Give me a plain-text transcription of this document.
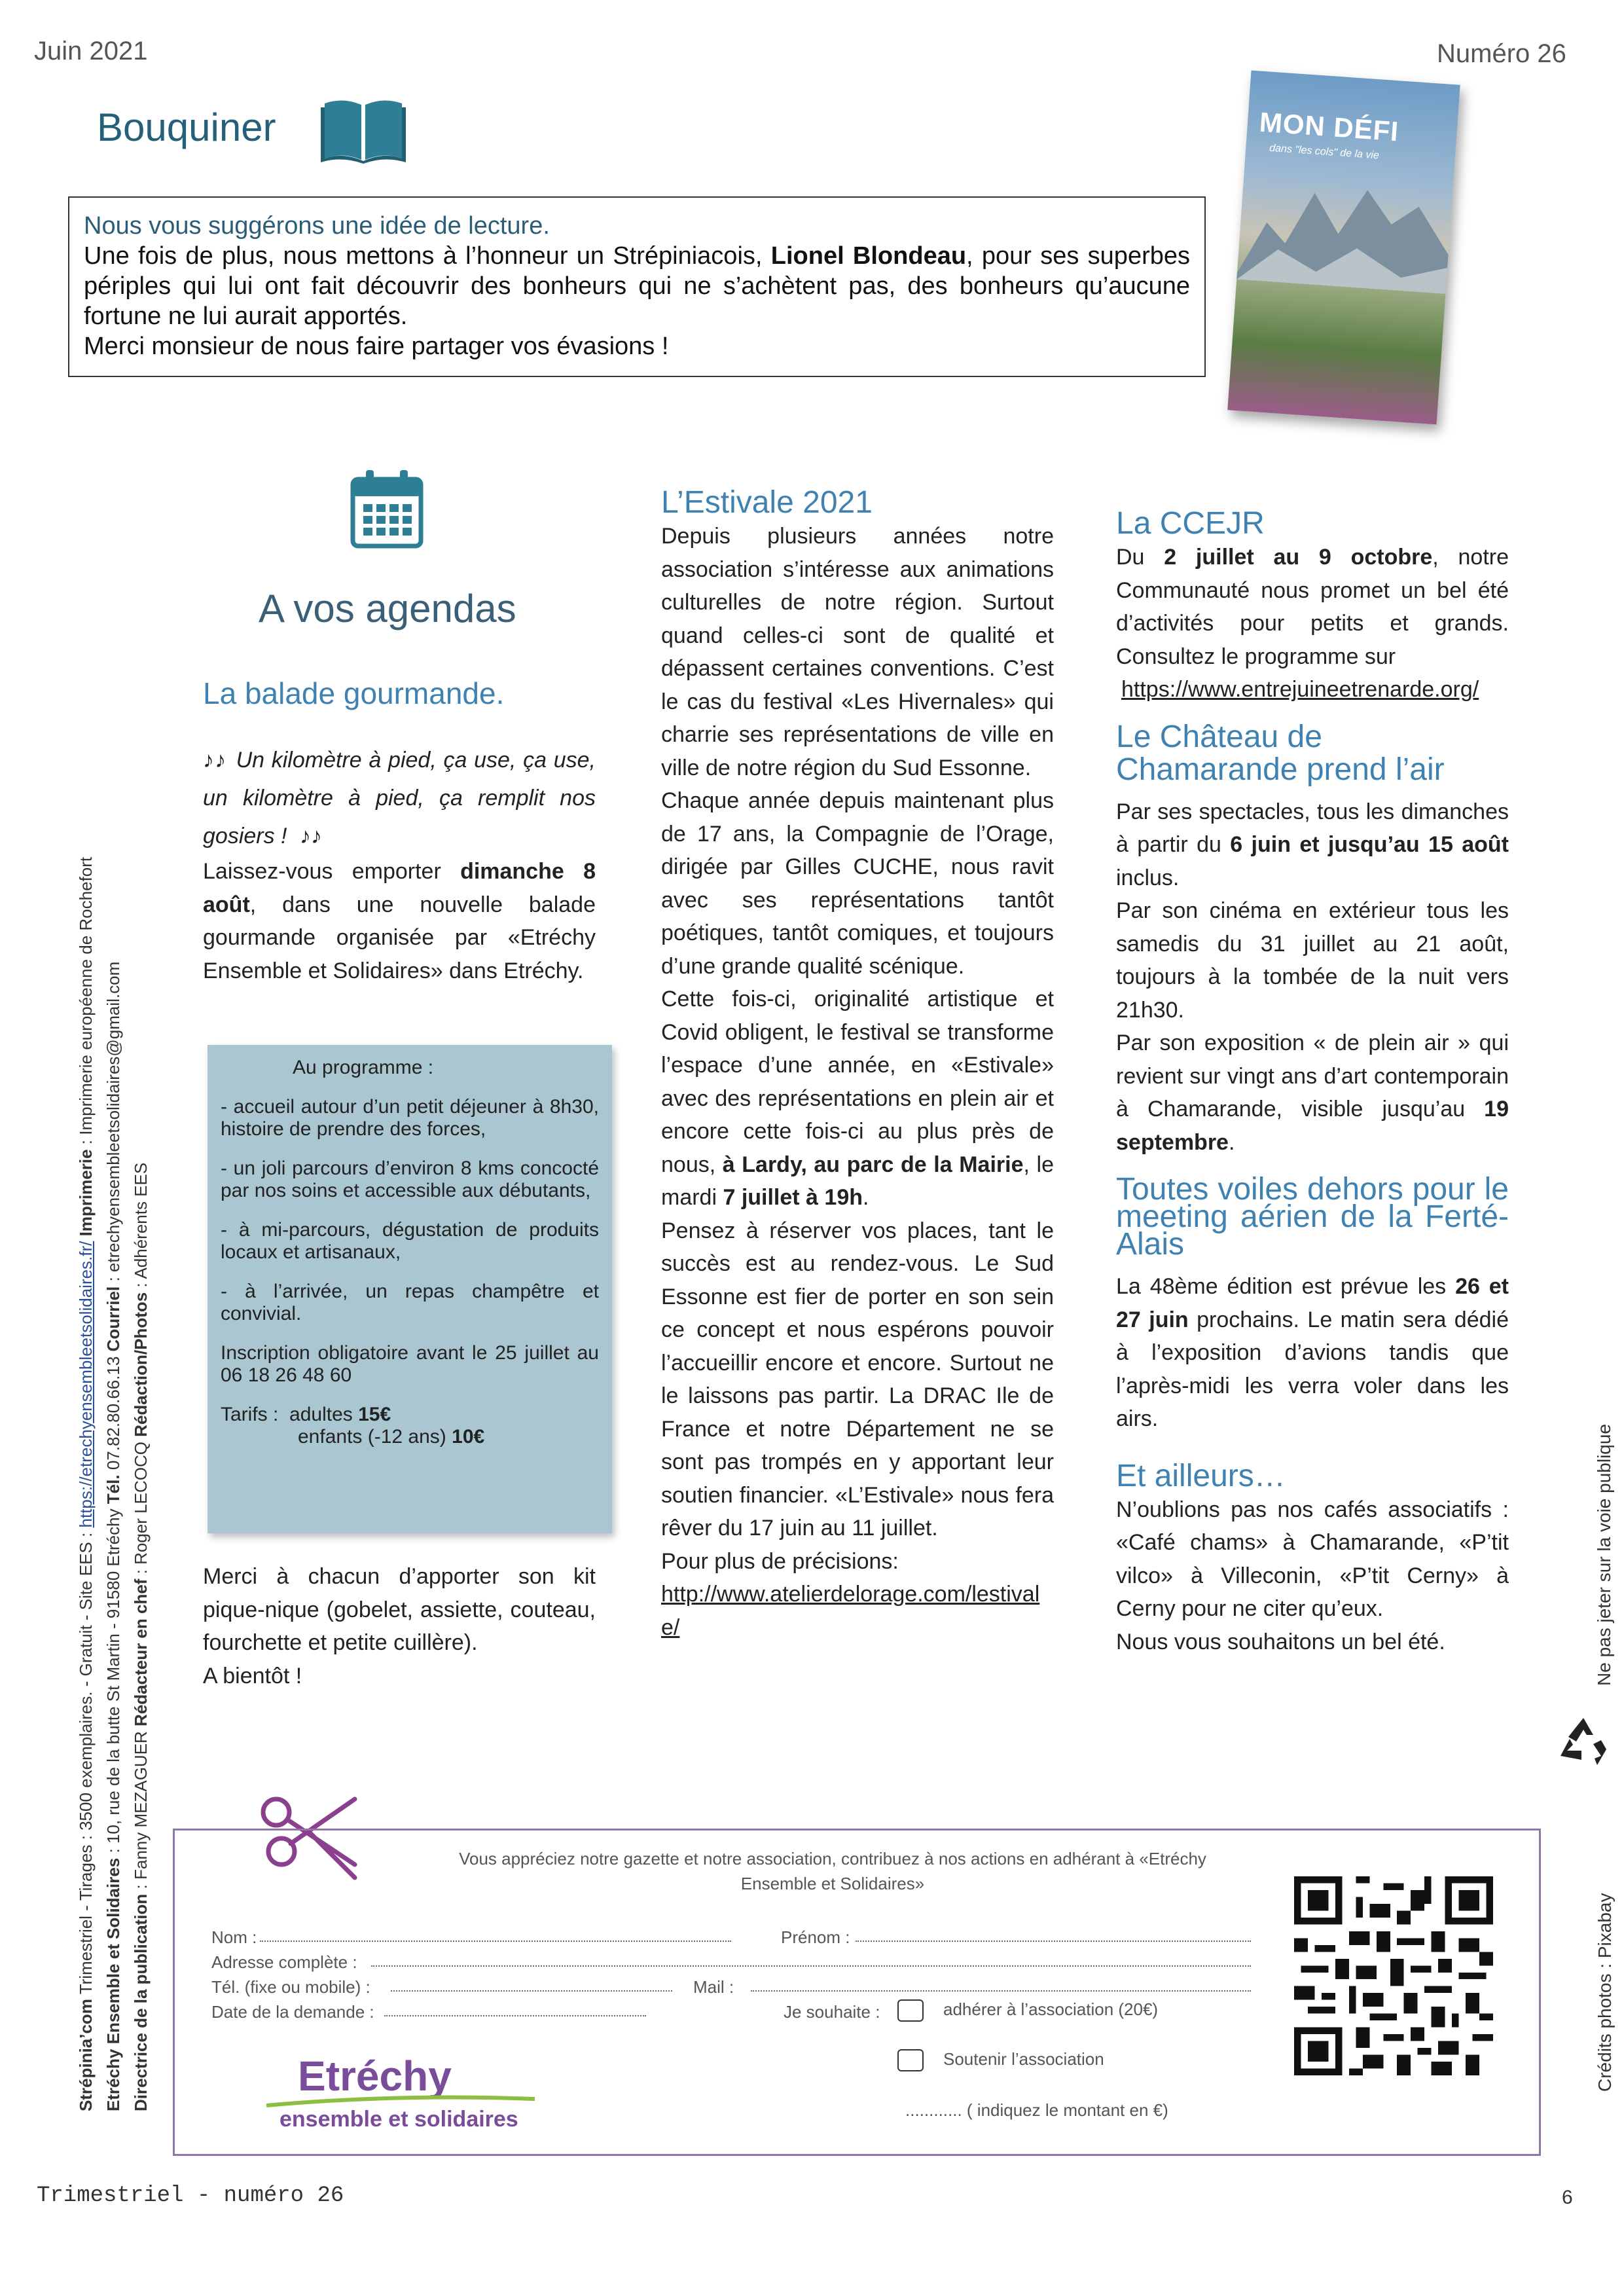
Juin 2021	Numéro 26
Bouquiner

Nous vous suggérons une idée de lecture.

Une fois de plus, nous mettons à l’honneur un Strépiniacois, Lionel Blondeau, pour ses superbes périples qui lui ont fait découvrir des bonheurs qui ne s’achètent pas, des bonheurs qu’aucune fortune ne lui aurait apportés.

Merci monsieur de nous faire partager vos évasions !

MON DÉFI
dans "les cols" de la vie
A vos agendas
La balade gourmande.

♪♪ Un kilomètre à pied, ça use, ça use, un kilomètre à pied, ça remplit nos gosiers ! ♪♪

Laissez-vous emporter dimanche 8 août, dans une nouvelle balade gourmande organisée par «Etréchy Ensemble et Solidaires» dans Etréchy.

Au programme :
- accueil autour d’un petit déjeuner à 8h30, histoire de prendre des forces,
- un joli parcours d’environ 8 kms concocté par nos soins et accessible aux débutants,
- à mi-parcours, dégustation de produits locaux et artisanaux,
- à l’arrivée, un repas champêtre et convivial.
Inscription obligatoire avant le 25 juillet au 06 18 26 48 60
Tarifs : adultes 15€
enfants (-12 ans) 10€

Merci à chacun d’apporter son kit pique-nique (gobelet, assiette, couteau, fourchette et petite cuillère).

A bientôt !

L’Estivale 2021

Depuis plusieurs années notre association s’intéresse aux animations culturelles de notre région. Surtout quand celles-ci sont de qualité et dépassent certaines conventions. C’est le cas du festival «Les Hivernales» qui charrie ses représentations de ville en ville de notre région du Sud Essonne.

Chaque année depuis maintenant plus de 17 ans, la Compagnie de l’Orage, dirigée par Gilles CUCHE, nous ravit avec ses représentations tantôt poétiques, tantôt comiques, et toujours d’une grande qualité scénique.

Cette fois-ci, originalité artistique et Covid obligent, le festival se transforme l’espace d’une année, en «Estivale» avec des représentations en plein air et encore cette fois-ci au plus près de nous, à Lardy, au parc de la Mairie, le mardi 7 juillet à 19h.

Pensez à réserver vos places, tant le succès est au rendez-vous. Le Sud Essonne est fier de porter en son sein ce concept et nous espérons pouvoir l’accueillir encore et encore. Surtout ne le laissons pas partir. La DRAC Ile de France et notre Département ne se sont pas trompés en y apportant leur soutien financier. «L’Estivale» nous fera rêver du 17 juin au 11 juillet.

Pour plus de précisions:

http://www.atelierdelorage.com/lestivale/

La CCEJR

Du 2 juillet au 9 octobre, notre Communauté nous promet un bel été d’activités pour petits et grands. Consultez le programme sur

https://www.entrejuineetrenarde.org/

Le Château de Chamarande prend l’air

Par ses spectacles, tous les dimanches à partir du 6 juin et jusqu’au 15 août inclus.

Par son cinéma en extérieur tous les samedis du 31 juillet au 21 août, toujours à la tombée de la nuit vers 21h30.

Par son exposition « de plein air » qui revient sur vingt ans d’art contemporain à Chamarande, visible jusqu’au 19 septembre.

Toutes voiles dehors pour le meeting aérien de la Ferté-Alais

La 48ème édition est prévue les 26 et 27 juin prochains. Le matin sera dédié à l’exposition d’avions tandis que l’après-midi les verra voler dans les airs.

Et ailleurs…

N’oublions pas nos cafés associatifs : «Café chams» à Chamarande, «P’tit vilco» à Villeconin, «P’tit Cerny» à Cerny pour ne citer qu’eux.

Nous vous souhaitons un bel été.

Vous appréciez notre gazette et notre association, contribuez à nos actions en adhérant à «Etréchy Ensemble et Solidaires»
Nom :	Prénom :
Adresse complète :
Tél. (fixe ou mobile) :	Mail :
Date de la demande :	Je souhaite :	adhérer à l’association (20€)
Soutenir l’association
............ ( indiquez le montant en €)
Etréchy
ensemble et solidaires
Strépinia’com Trimestriel - Tirages : 3500 exemplaires. - Gratuit - Site EES : https://etrechyensembleetsolidaires.fr/ Imprimerie : Imprimerie européenne de Rochefort
Etréchy Ensemble et Solidaires : 10, rue de la butte St Martin - 91580 Etréchy Tél. 07.82.80.66.13 Courriel : etrechyensembleetsolidaires@gmail.com
Directrice de la publication : Fanny MEZAGUER Rédacteur en chef : Roger LECOCQ Rédaction/Photos : Adhérents EES
Ne pas jeter sur la voie publique
Crédits photos : Pixabay
Trimestriel - numéro 26	6
